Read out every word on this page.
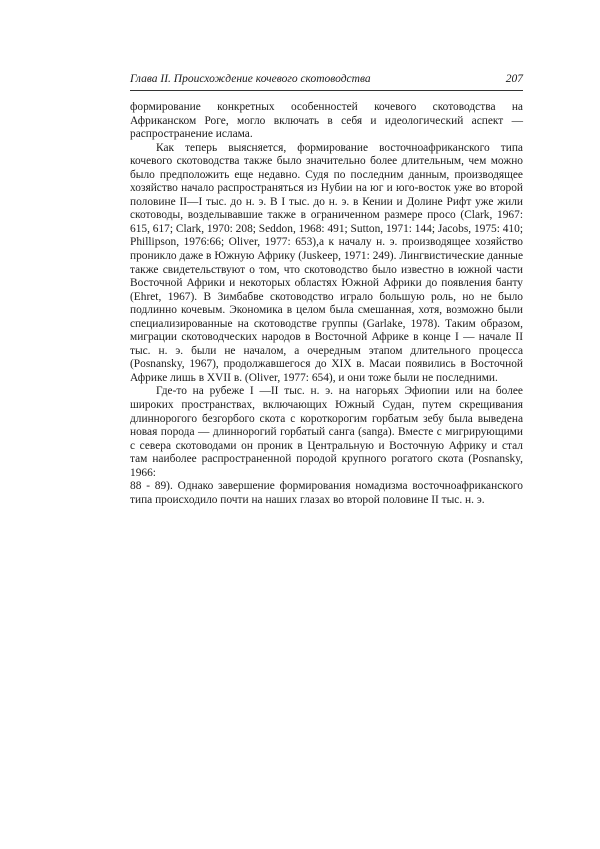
Глава II. Происхождение кочевого скотоводства	207

формирование конкретных особенностей кочевого скотоводства на Африканском Роге, могло включать в себя и идеологический аспект — распространение ислама.

Как теперь выясняется, формирование восточноафриканского типа кочевого скотоводства также было значительно более длительным, чем можно было предположить еще недавно. Судя по последним данным, производящее хозяйство начало распространяться из Нубии на юг и юго-восток уже во второй половине II—I тыс. до н. э. В I тыс. до н. э. в Кении и Долине Рифт уже жили скотоводы, возделывавшие также в ограниченном размере просо (Clark, 1967: 615, 617; Clark, 1970: 208; Seddon, 1968: 491; Sutton, 1971: 144; Jacobs, 1975: 410; Phillipson, 1976:66; Oliver, 1977: 653),а к началу н. э. производящее хозяйство проникло даже в Южную Африку (Juskeep, 1971: 249). Лингвистические данные также свидетельствуют о том, что скотоводство было известно в южной части Восточной Африки и некоторых областях Южной Африки до появления банту (Ehret, 1967). В Зимбабве скотоводство играло большую роль, но не было подлинно кочевым. Экономика в целом была смешанная, хотя, возможно были специализированные на скотоводстве группы (Garlake, 1978). Таким образом, миграции скотоводческих народов в Восточной Африке в конце I — начале II тыс. н. э. были не началом, а очередным этапом длительного процесса (Posnansky, 1967), продолжавшегося до XIX в. Масаи появились в Восточной Африке лишь в XVII в. (Oliver, 1977: 654), и они тоже были не последними.

Где-то на рубеже I —II тыс. н. э. на нагорьях Эфиопии или на более широких пространствах, включающих Южный Судан, путем скрещивания длиннорогого безгорбого скота с короткорогим горбатым зебу была выведена новая порода — длиннорогий горбатый санга (sanga). Вместе с мигрирующими с севера скотоводами он проник в Центральную и Восточную Африку и стал там наиболее распространенной породой крупного рогатого скота (Posnansky, 1966:

88 - 89). Однако завершение формирования номадизма восточноафриканского типа происходило почти на наших глазах во второй половине II тыс. н. э.
